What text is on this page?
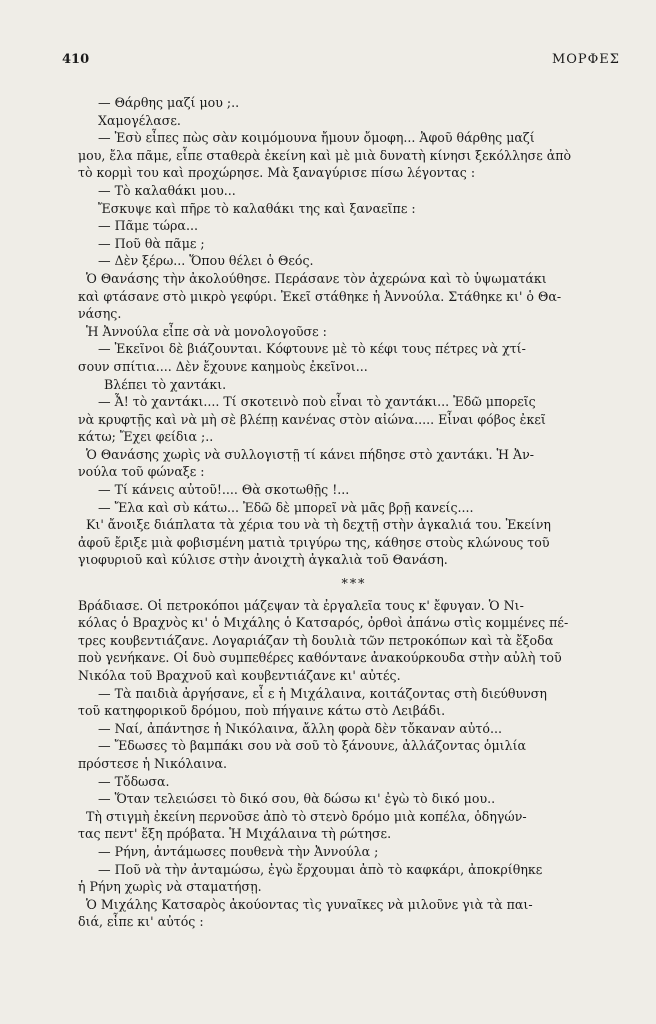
410	ΜΟΡΦΕΣ

— Θάρθης μαζί μου ;..

Χαμογέλασε.

— Ἐσὺ εἶπες πὼς σὰν κοιμόμουνα ἤμουν ὄμοφη... Ἀφοῦ θάρθης μαζί

μου, ἔλα πᾶμε, εἶπε σταθερὰ ἐκείνη καὶ μὲ μιὰ δυνατὴ κίνησι ξεκόλλησε ἀπὸ

τὸ κορμὶ του καὶ προχώρησε. Μὰ ξαναγύρισε πίσω λέγοντας :

— Τὸ καλαθάκι μου...

Ἔσκυψε καὶ πῆρε τὸ καλαθάκι της καὶ ξαναεῖπε :

— Πᾶμε τώρα...

— Ποῦ θὰ πᾶμε ;

— Δὲν ξέρω... Ὅπου θέλει ὁ Θεός.

Ὁ Θανάσης τὴν ἀκολούθησε. Περάσανε τὸν ἀχερώνα καὶ τὸ ὑψωματάκι

καὶ φτάσανε στὸ μικρὸ γεφύρι. Ἐκεῖ στάθηκε ἡ Ἀννούλα. Στάθηκε κι' ὁ Θα-

νάσης.

Ἡ Ἀννούλα εἶπε σὰ νὰ μονολογοῦσε :

— Ἐκεῖνοι δὲ βιάζουνται. Κόφτουνε μὲ τὸ κέφι τους πέτρες νὰ χτί-

σουν σπίτια.... Δὲν ἔχουνε καημοὺς ἐκεῖνοι...

Βλέπει τὸ χαντάκι.

— Ἆ! τὸ χαντάκι.... Τί σκοτεινὸ ποὺ εἶναι τὸ χαντάκι... Ἐδῶ μπορεῖς

νὰ κρυφτῇς καὶ νὰ μὴ σὲ βλέπῃ κανένας στὸν αἰώνα..... Εἶναι φόβος ἐκεῖ

κάτω; Ἔχει φείδια ;..

Ὁ Θανάσης χωρὶς νὰ συλλογιστῇ τί κάνει πήδησε στὸ χαντάκι. Ἡ Ἀν-

νούλα τοῦ φώναξε :

— Τί κάνεις αὐτοῦ!.... Θὰ σκοτωθῇς !...

— Ἔλα καὶ σὺ κάτω... Ἐδῶ δὲ μπορεῖ νὰ μᾶς βρῇ κανείς....

Κι' ἄνοιξε διάπλατα τὰ χέρια του νὰ τὴ δεχτῇ στὴν ἀγκαλιά του. Ἐκείνη

ἀφοῦ ἔριξε μιὰ φοβισμένη ματιὰ τριγύρω της, κάθησε στοὺς κλώνους τοῦ

γιοφυριοῦ καὶ κύλισε στὴν ἀνοιχτὴ ἀγκαλιὰ τοῦ Θανάση.

***

Βράδιασε. Οἱ πετροκόποι μάζεψαν τὰ ἐργαλεῖα τους κ' ἔφυγαν. Ὁ Νι-

κόλας ὁ Βραχνὸς κι' ὁ Μιχάλης ὁ Κατσαρός, ὀρθοὶ ἀπάνω στὶς κομμένες πέ-

τρες κουβεντιάζανε. Λογαριάζαν τὴ δουλιὰ τῶν πετροκόπων καὶ τὰ ἔξοδα

ποὺ γενήκανε. Οἱ δυὸ συμπεθέρες καθόντανε ἀνακούρκουδα στὴν αὐλὴ τοῦ

Νικόλα τοῦ Βραχνοῦ καὶ κουβεντιάζανε κι' αὐτές.

— Τὰ παιδιὰ ἀργήσανε, εἶ ε ἡ Μιχάλαινα, κοιτάζοντας στὴ διεύθυνση

τοῦ κατηφορικοῦ δρόμου, ποὺ πήγαινε κάτω στὸ Λειβάδι.

— Ναί, ἀπάντησε ἡ Νικόλαινα, ἄλλη φορὰ δὲν τὄκαναν αὐτό...

— Ἔδωσες τὸ βαμπάκι σου νὰ σοῦ τὸ ξάνουνε, ἀλλάζοντας ὁμιλία

πρόστεσε ἡ Νικόλαινα.

— Τὄδωσα.

— Ὅταν τελειώσει τὸ δικό σου, θὰ δώσω κι' ἐγὼ τὸ δικό μου..

Τὴ στιγμὴ ἐκείνη περνοῦσε ἀπὸ τὸ στενὸ δρόμο μιὰ κοπέλα, ὁδηγών-

τας πεντ' ἔξη πρόβατα. Ἡ Μιχάλαινα τὴ ρώτησε.

— Ρήνη, ἀντάμωσες πουθενὰ τὴν Ἀννούλα ;

— Ποῦ νὰ τὴν ἀνταμώσω, ἐγὼ ἔρχουμαι ἀπὸ τὸ καφκάρι, ἀποκρίθηκε

ἡ Ρήνη χωρὶς νὰ σταματήσῃ.

Ὁ Μιχάλης Κατσαρὸς ἀκούοντας τὶς γυναῖκες νὰ μιλοῦνε γιὰ τὰ παι-

διά, εἶπε κι' αὐτός :
